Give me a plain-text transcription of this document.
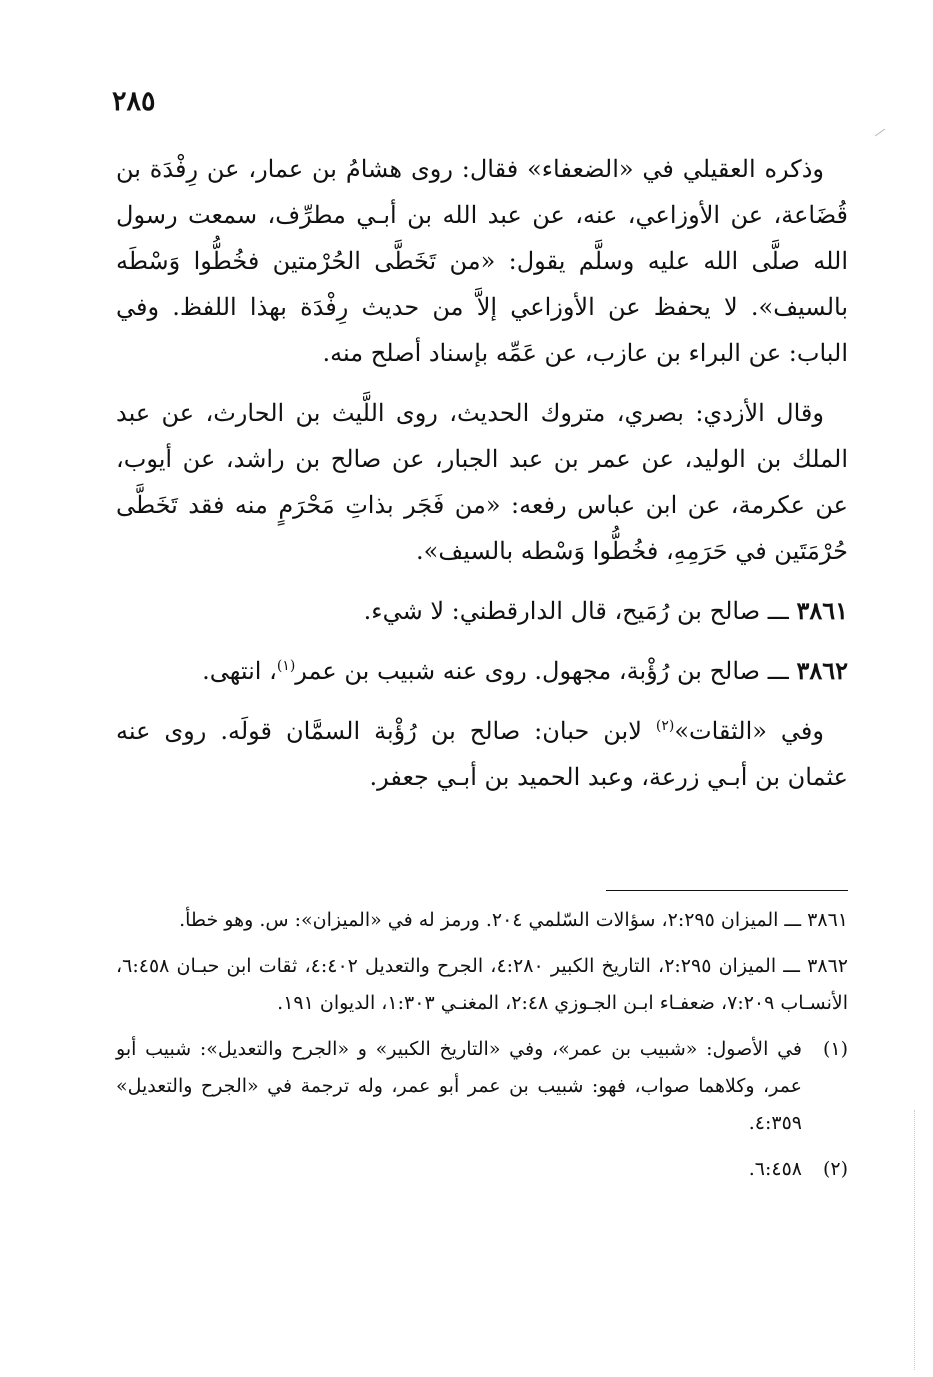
٢٨٥

وذكره العقيلي في «الضعفاء» فقال: روى هشامُ بن عمار، عن رِفْدَة بن قُضَاعة، عن الأوزاعي، عنه، عن عبد الله بن أبـي مطرِّف، سمعت رسول الله صلَّى الله عليه وسلَّم يقول: «من تَخَطَّى الحُرْمتين فخُطُّوا وَسْطَه بالسيف». لا يحفظ عن الأوزاعي إلاَّ من حديث رِفْدَة بهذا اللفظ. وفي الباب: عن البراء بن عازب، عن عَمِّه بإسناد أصلح منه.

وقال الأزدي: بصري، متروك الحديث، روى اللَّيث بن الحارث، عن عبد الملك بن الوليد، عن عمر بن عبد الجبار، عن صالح بن راشد، عن أيوب، عن عكرمة، عن ابن عباس رفعه: «من فَجَر بذاتِ مَحْرَمٍ منه فقد تَخَطَّى حُرْمَتَين في حَرَمِهِ، فخُطُّوا وَسْطه بالسيف».

٣٨٦١ ـــ صالح بن رُمَيح، قال الدارقطني: لا شيء.

٣٨٦٢ ـــ صالح بن رُؤْبة، مجهول. روى عنه شبيب بن عمر$^{(١)}$، انتهى.

وفي «الثقات»$^{(٢)}$ لابن حبان: صالح بن رُؤْبة السمَّان قولَه. روى عنه عثمان بن أبـي زرعة، وعبد الحميد بن أبـي جعفر.

٣٨٦١ ـــ الميزان ٢:٢٩٥، سؤالات السّلمي ٢٠٤. ورمز له في «الميزان»: س. وهو خطأ.

٣٨٦٢ ـــ الميزان ٢:٢٩٥، التاريخ الكبير ٤:٢٨٠، الجرح والتعديل ٤:٤٠٢، ثقات ابن حبـان ٦:٤٥٨، الأنسـاب ٧:٢٠٩، ضعفـاء ابـن الجـوزي ٢:٤٨، المغنـي ١:٣٠٣، الديوان ١٩١.

(١)
في الأصول: «شبيب بن عمر»، وفي «التاريخ الكبير» و «الجرح والتعديل»: شبيب أبو عمر، وكلاهما صواب، فهو: شبيب بن عمر أبو عمر، وله ترجمة في «الجرح والتعديل» ٤:٣٥٩.

(٢)
٦:٤٥٨.
